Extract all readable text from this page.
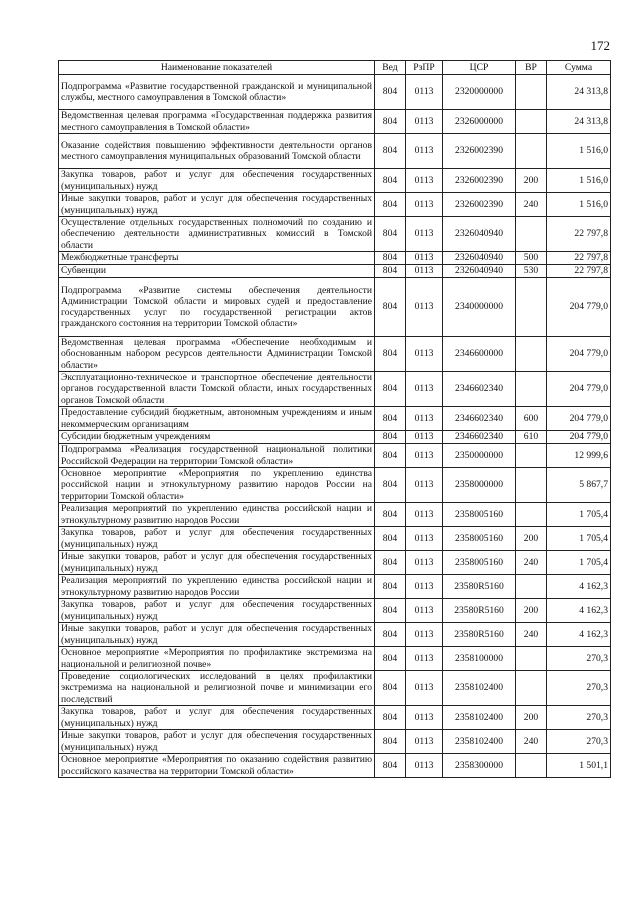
172
Наименование показателей	Вед	РзПР	ЦСР	ВР	Сумма
Подпрограмма «Развитие государственной гражданской и муниципальной службы, местного самоуправления в Томской области»	804	0113	2320000000		24 313,8
Ведомственная целевая программа «Государственная поддержка развития местного самоуправления в Томской области»	804	0113	2326000000		24 313,8
Оказание содействия повышению эффективности деятельности органов местного самоуправления муниципальных образований Томской области	804	0113	2326002390		1 516,0
Закупка товаров, работ и услуг для обеспечения государственных (муниципальных) нужд	804	0113	2326002390	200	1 516,0
Иные закупки товаров, работ и услуг для обеспечения государственных (муниципальных) нужд	804	0113	2326002390	240	1 516,0
Осуществление отдельных государственных полномочий по созданию и обеспечению деятельности административных комиссий в Томской области	804	0113	2326040940		22 797,8
Межбюджетные трансферты	804	0113	2326040940	500	22 797,8
Субвенции	804	0113	2326040940	530	22 797,8
Подпрограмма «Развитие системы обеспечения деятельности Администрации Томской области и мировых судей и предоставление государственных услуг по государственной регистрации актов гражданского состояния на территории Томской области»	804	0113	2340000000		204 779,0
Ведомственная целевая программа «Обеспечение необходимым и обоснованным набором ресурсов деятельности Администрации Томской области»	804	0113	2346600000		204 779,0
Эксплуатационно-техническое и транспортное обеспечение деятельности органов государственной власти Томской области, иных государственных органов Томской области	804	0113	2346602340		204 779,0
Предоставление субсидий бюджетным, автономным учреждениям и иным некоммерческим организациям	804	0113	2346602340	600	204 779,0
Субсидии бюджетным учреждениям	804	0113	2346602340	610	204 779,0
Подпрограмма «Реализация государственной национальной политики Российской Федерации на территории Томской области»	804	0113	2350000000		12 999,6
Основное мероприятие «Мероприятия по укреплению единства российской нации и этнокультурному развитию народов России на территории Томской области»	804	0113	2358000000		5 867,7
Реализация мероприятий по укреплению единства российской нации и этнокультурному развитию народов России	804	0113	2358005160		1 705,4
Закупка товаров, работ и услуг для обеспечения государственных (муниципальных) нужд	804	0113	2358005160	200	1 705,4
Иные закупки товаров, работ и услуг для обеспечения государственных (муниципальных) нужд	804	0113	2358005160	240	1 705,4
Реализация мероприятий по укреплению единства российской нации и этнокультурному развитию народов России	804	0113	23580R5160		4 162,3
Закупка товаров, работ и услуг для обеспечения государственных (муниципальных) нужд	804	0113	23580R5160	200	4 162,3
Иные закупки товаров, работ и услуг для обеспечения государственных (муниципальных) нужд	804	0113	23580R5160	240	4 162,3
Основное мероприятие «Мероприятия по профилактике экстремизма на национальной и религиозной почве»	804	0113	2358100000		270,3
Проведение социологических исследований в целях профилактики экстремизма на национальной и религиозной почве и минимизации его последствий	804	0113	2358102400		270,3
Закупка товаров, работ и услуг для обеспечения государственных (муниципальных) нужд	804	0113	2358102400	200	270,3
Иные закупки товаров, работ и услуг для обеспечения государственных (муниципальных) нужд	804	0113	2358102400	240	270,3
Основное мероприятие «Мероприятия по оказанию содействия развитию российского казачества на территории Томской области»	804	0113	2358300000		1 501,1
